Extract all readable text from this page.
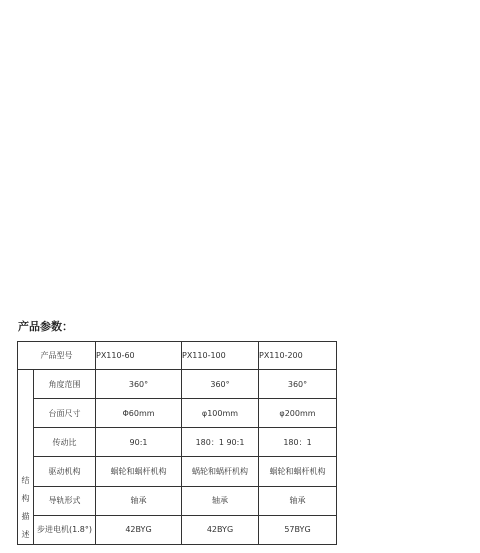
产品参数：
产品型号		PX110-60	PX110-100	PX110-200
结构描述	角度范围	360°	360°	360°
	台面尺寸	Φ60mm	φ100mm	φ200mm
	传动比	90:1	180：1 90:1	180：1
	驱动机构	蜗轮和蜗杆机构	蜗轮和蜗杆机构	蜗轮和蜗杆机构
	导轨形式	轴承	轴承	轴承
	步进电机(1.8°)	42BYG	42BYG	57BYG
